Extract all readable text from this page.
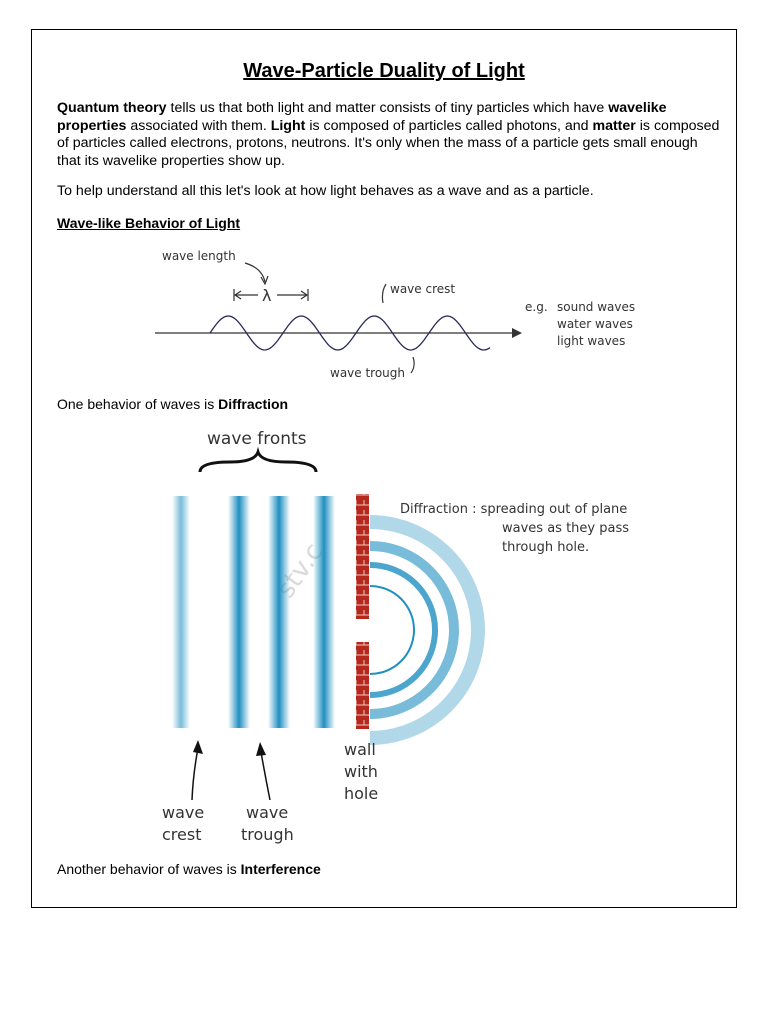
Wave-Particle Duality of Light

Quantum theory tells us that both light and matter consists of tiny particles which have wavelike properties associated with them. Light is composed of particles called photons, and matter is composed of particles called electrons, protons, neutrons. It's only when the mass of a particle gets small enough that its wavelike properties show up.

To help understand all this let's look at how light behaves as a wave and as a particle.

Wave-like Behavior of Light
wave length
λ	wave crest
wave trough
e.g. sound waves
water waves
light waves
One behavior of waves is Diffraction
stv.c
wave fronts
Diffraction : spreading out of plane
waves as they pass
through hole.
wall
with
hole
wave
crest
wave
trough
Another behavior of waves is Interference
